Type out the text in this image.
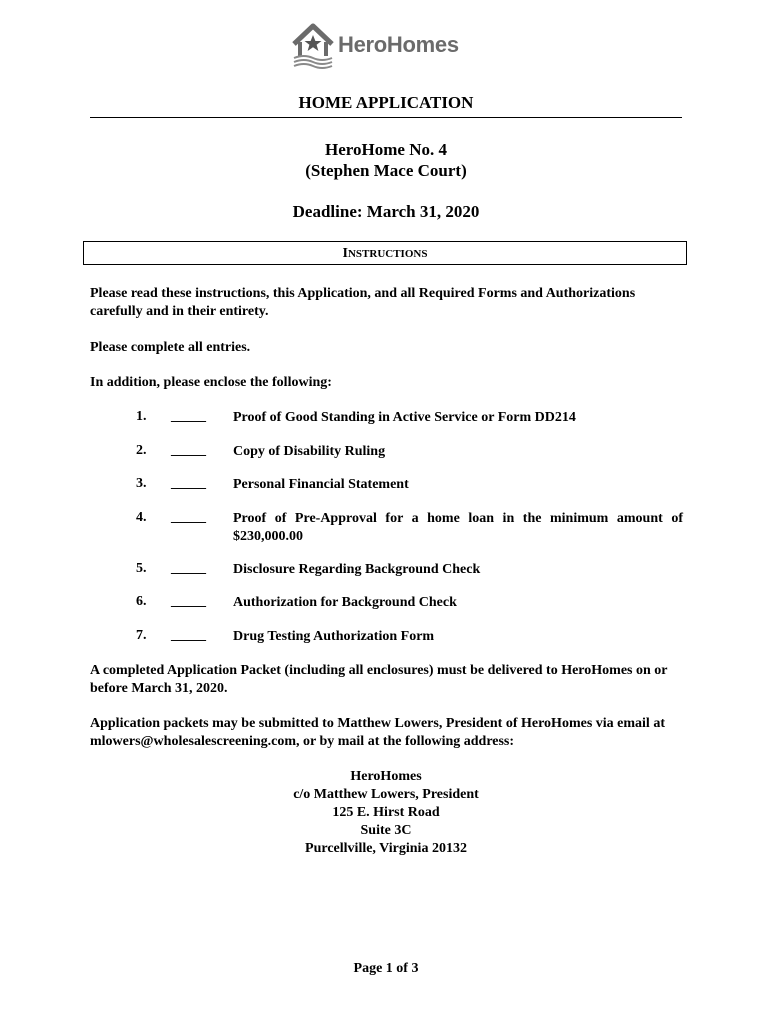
HeroHomes
HOME APPLICATION
HeroHome No. 4
(Stephen Mace Court)
Deadline: March 31, 2020
INSTRUCTIONS
Please read these instructions, this Application, and all Required Forms and Authorizations carefully and in their entirety.
Please complete all entries.
In addition, please enclose the following:
1.	_____ Proof of Good Standing in Active Service or Form DD214
2.	_____ Copy of Disability Ruling
3.	_____ Personal Financial Statement
4.	_____ Proof of Pre-Approval for a home loan in the minimum amount of $230,000.00
5.	_____ Disclosure Regarding Background Check
6.	_____ Authorization for Background Check
7.	_____ Drug Testing Authorization Form
A completed Application Packet (including all enclosures) must be delivered to HeroHomes on or before March 31, 2020.
Application packets may be submitted to Matthew Lowers, President of HeroHomes via email at mlowers@wholesalescreening.com, or by mail at the following address:
HeroHomes
c/o Matthew Lowers, President
125 E. Hirst Road
Suite 3C
Purcellville, Virginia 20132
Page 1 of 3
